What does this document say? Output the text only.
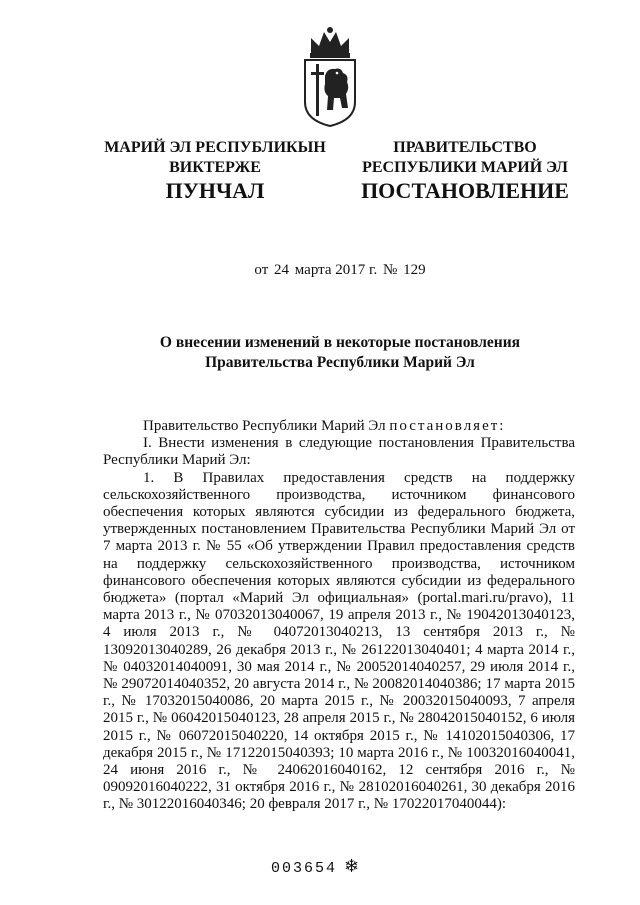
МАРИЙ ЭЛ РЕСПУБЛИКЫН
ВИКТЕРЖЕ
ПРАВИТЕЛЬСТВО
РЕСПУБЛИКИ МАРИЙ ЭЛ
ПУНЧАЛ	ПОСТАНОВЛЕНИЕ
от 24 марта 2017 г. № 129
О внесении изменений в некоторые постановления
Правительства Республики Марий Эл

Правительство Республики Марий Эл постановляет:

I. Внести изменения в следующие постановления Правительства Республики Марий Эл:

1. В Правилах предоставления средств на поддержку сельскохозяйственного производства, источником финансового обеспечения которых являются субсидии из федерального бюджета, утвержденных постановлением Правительства Республики Марий Эл от 7 марта 2013 г. № 55 «Об утверждении Правил предоставления средств на поддержку сельскохозяйственного производства, источником финансового обеспечения которых являются субсидии из федерального бюджета» (портал «Марий Эл официальная» (portal.mari.ru/pravo), 11 марта 2013 г., № 07032013040067, 19 апреля 2013 г., № 19042013040123, 4 июля 2013 г., № 04072013040213, 13 сентября 2013 г., № 13092013040289, 26 декабря 2013 г., № 26122013040401; 4 марта 2014 г., № 04032014040091, 30 мая 2014 г., № 20052014040257, 29 июля 2014 г., № 29072014040352, 20 августа 2014 г., № 20082014040386; 17 марта 2015 г., № 17032015040086, 20 марта 2015 г., № 20032015040093, 7 апреля 2015 г., № 06042015040123, 28 апреля 2015 г., № 28042015040152, 6 июля 2015 г., № 06072015040220, 14 октября 2015 г., № 14102015040306, 17 декабря 2015 г., № 17122015040393; 10 марта 2016 г., № 10032016040041, 24 июня 2016 г., № 24062016040162, 12 сентября 2016 г., № 09092016040222, 31 октября 2016 г., № 28102016040261, 30 декабря 2016 г., № 30122016040346; 20 февраля 2017 г., № 17022017040044):

003654 ❄
